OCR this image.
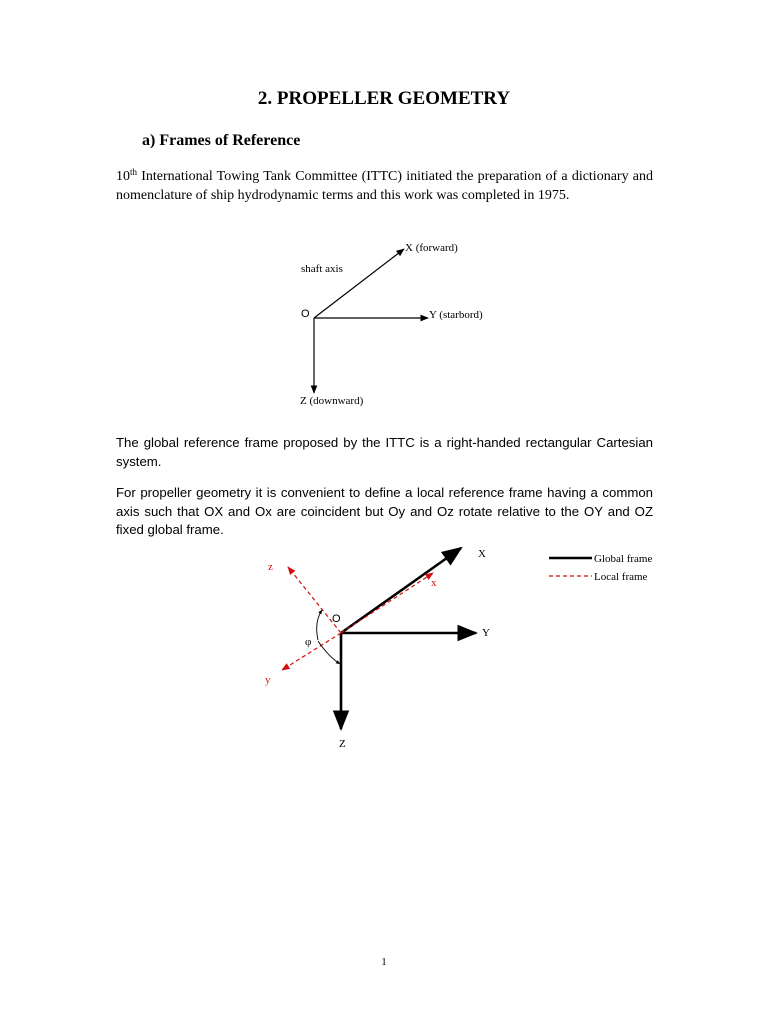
2. PROPELLER GEOMETRY
a) Frames of Reference

10th International Towing Tank Committee (ITTC) initiated the preparation of a dictionary and nomenclature of ship hydrodynamic terms and this work was completed in 1975.

X (forward)
shaft axis
O	Y (starbord)
Z (downward)
X
Y
Z
O
x
y
z
φ
Global frame
Local frame

The global reference frame proposed by the ITTC is a right-handed rectangular Cartesian system.

For propeller geometry it is convenient to define a local reference frame having a common axis such that OX and Ox are coincident but Oy and Oz rotate relative to the OY and OZ fixed global frame.

1
